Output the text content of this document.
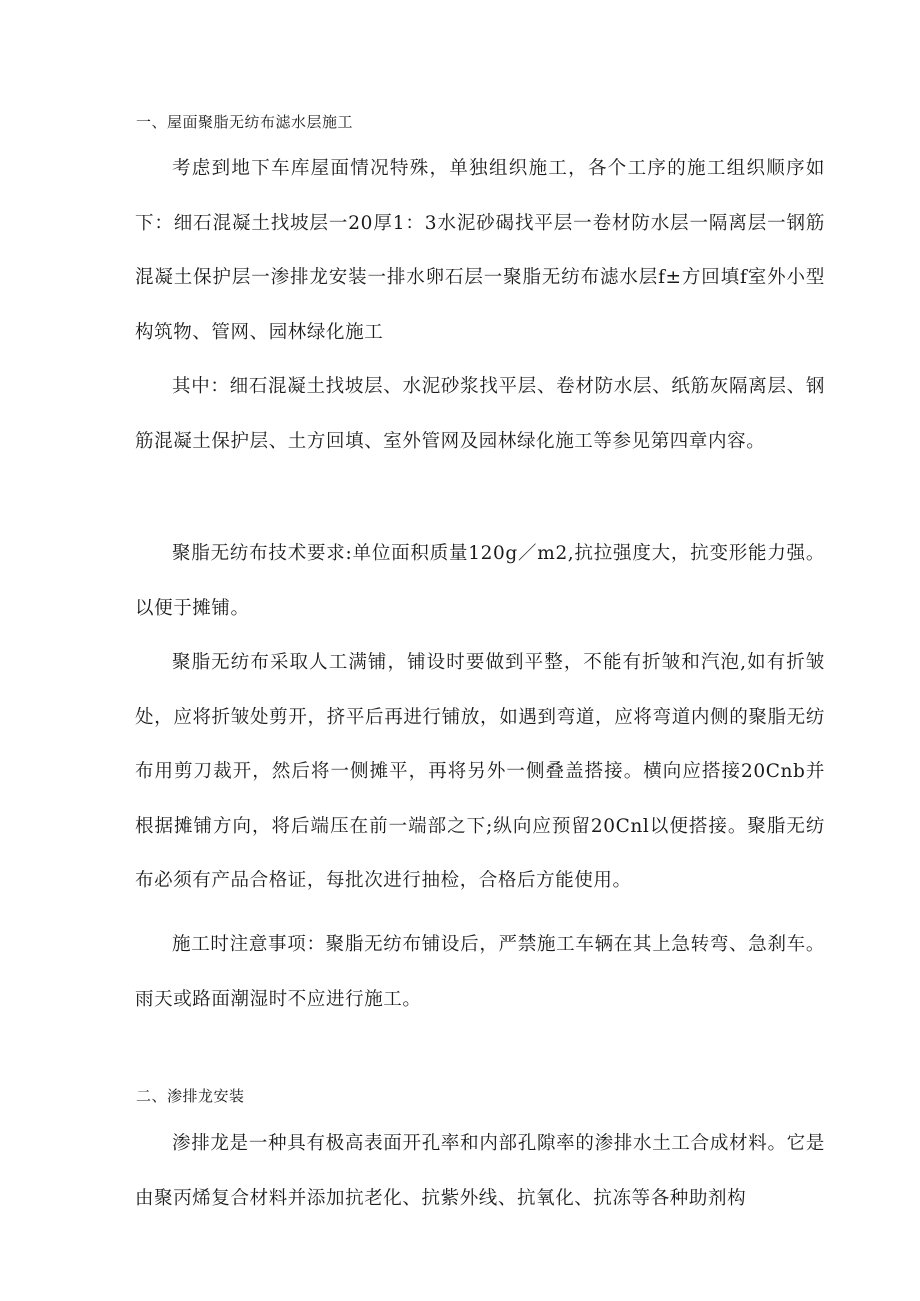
一、屋面聚脂无纺布滤水层施工

考虑到地下车库屋面情况特殊，单独组织施工，各个工序的施工组织顺序如下：细石混凝土找坡层一20厚1：3水泥砂碣找平层一卷材防水层一隔离层一钢筋混凝土保护层一渗排龙安装一排水卵石层一聚脂无纺布滤水层f±方回填f室外小型构筑物、管网、园林绿化施工

其中：细石混凝土找坡层、水泥砂浆找平层、卷材防水层、纸筋灰隔离层、钢筋混凝土保护层、土方回填、室外管网及园林绿化施工等参见第四章内容。

聚脂无纺布技术要求:单位面积质量120g／m2,抗拉强度大，抗变形能力强。以便于摊铺。

聚脂无纺布采取人工满铺，铺设时要做到平整，不能有折皱和汽泡,如有折皱处，应将折皱处剪开，挤平后再进行铺放，如遇到弯道，应将弯道内侧的聚脂无纺布用剪刀裁开，然后将一侧摊平，再将另外一侧叠盖搭接。横向应搭接20Cnb并根据摊铺方向，将后端压在前一端部之下;纵向应预留20Cnl以便搭接。聚脂无纺布必须有产品合格证，每批次进行抽检，合格后方能使用。

施工时注意事项：聚脂无纺布铺设后，严禁施工车辆在其上急转弯、急刹车。雨天或路面潮湿时不应进行施工。

二、渗排龙安装

渗排龙是一种具有极高表面开孔率和内部孔隙率的渗排水土工合成材料。它是由聚丙烯复合材料并添加抗老化、抗紫外线、抗氧化、抗冻等各种助剂构
